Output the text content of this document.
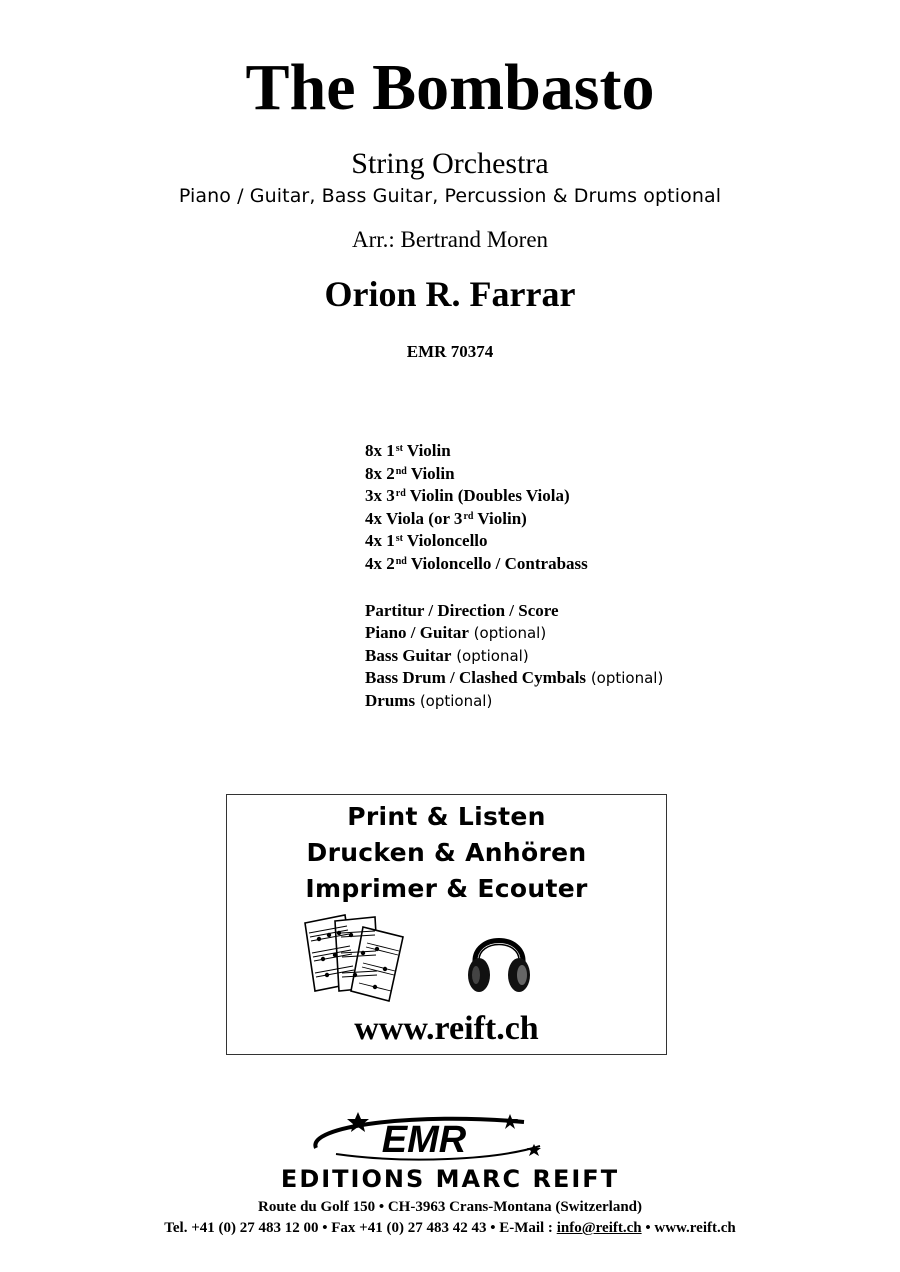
The Bombasto
String Orchestra
Piano / Guitar, Bass Guitar, Percussion & Drums optional
Arr.: Bertrand Moren
Orion R. Farrar
EMR 70374
8x 1st Violin
8x 2nd Violin
3x 3rd Violin (Doubles Viola)
4x Viola (or 3rd Violin)
4x 1st Violoncello
4x 2nd Violoncello / Contrabass
Partitur / Direction / Score
Piano / Guitar (optional)
Bass Guitar (optional)
Bass Drum / Clashed Cymbals (optional)
Drums (optional)
Print & Listen
Drucken & Anhören
Imprimer & Ecouter
www.reift.ch
EMR
EDITIONS MARC REIFT
Route du Golf 150 • CH-3963 Crans-Montana (Switzerland)
Tel. +41 (0) 27 483 12 00 • Fax +41 (0) 27 483 42 43 • E-Mail : info@reift.ch • www.reift.ch
